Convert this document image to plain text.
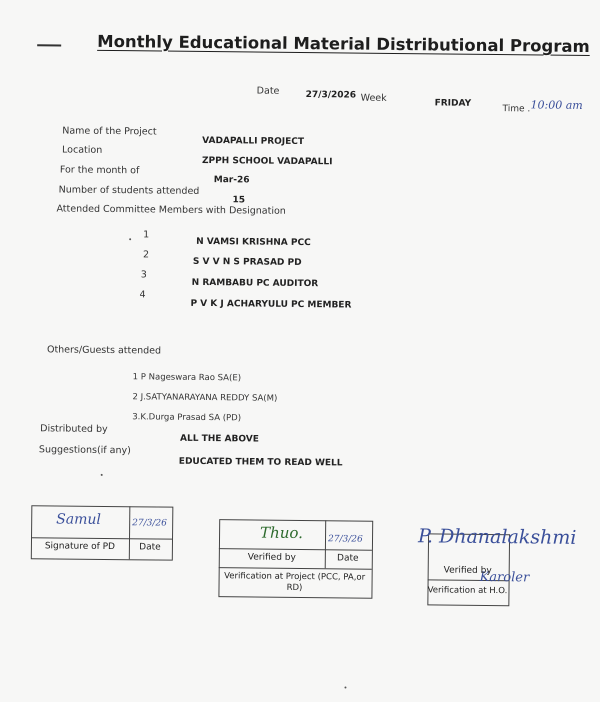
Monthly Educational Material Distributional Program
Date	27/3/2026 Week	FRIDAY
Time . 10:00 am
Name of the Project
VADAPALLI PROJECT
Location
ZPPH SCHOOL VADAPALLI
For the month of
Mar-26
Number of students attended
15
Attended Committee Members with Designation
1
N VAMSI KRISHNA PCC
2
S V V N S PRASAD PD
3
N RAMBABU PC AUDITOR
4
P V K J ACHARYULU PC MEMBER
Others/Guests attended
1 P Nageswara Rao SA(E)
2 J.SATYANARAYANA REDDY SA(M)
3.K.Durga Prasad SA (PD)
Distributed by
ALL THE ABOVE
Suggestions(if any)
EDUCATED THEM TO READ WELL
Samul	27/3/26
Signature of PD	Date
Thuo.	27/3/26
Verified by	Date
Verification at Project (PCC, PA,or RD)
P. Dhanalakshmi
Karoler
Verified by
Verification at H.O.
